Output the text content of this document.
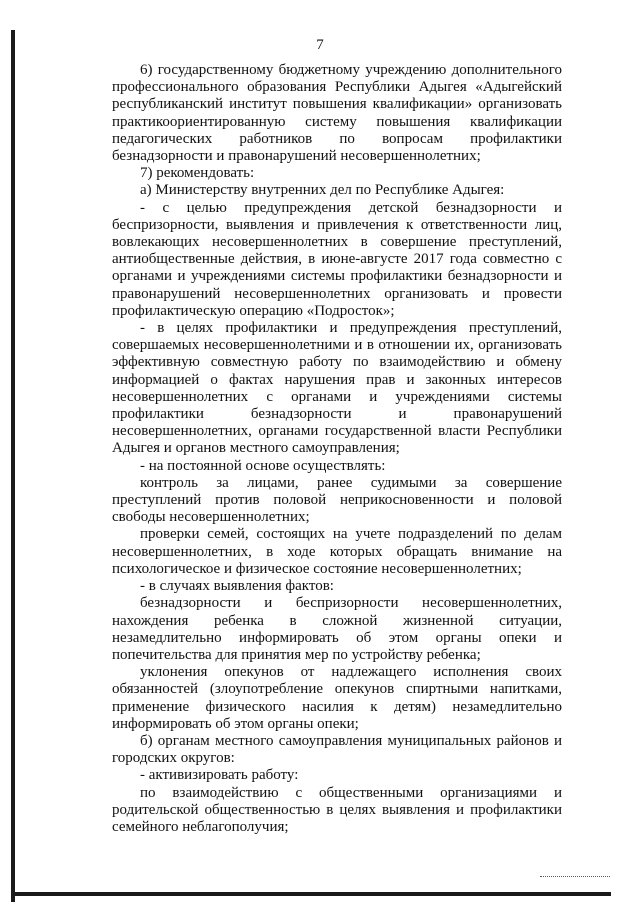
7

6) государственному бюджетному учреждению дополнительного профессионального образования Республики Адыгея «Адыгейский республиканский институт повышения квалификации» организовать практикоориентированную систему повышения квалификации педагогических работников по вопросам профилактики безнадзорности и правонарушений несовершеннолетних;

7) рекомендовать:

а) Министерству внутренних дел по Республике Адыгея:

- с целью предупреждения детской безнадзорности и беспризорности, выявления и привлечения к ответственности лиц, вовлекающих несовершеннолетних в совершение преступлений, антиобщественные действия, в июне-августе 2017 года совместно с органами и учреждениями системы профилактики безнадзорности и правонарушений несовершеннолетних организовать и провести профилактическую операцию «Подросток»;

- в целях профилактики и предупреждения преступлений, совершаемых несовершеннолетними и в отношении их, организовать эффективную совместную работу по взаимодействию и обмену информацией о фактах нарушения прав и законных интересов несовершеннолетних с органами и учреждениями системы профилактики безнадзорности и правонарушений несовершеннолетних, органами государственной власти Республики Адыгея и органов местного самоуправления;

- на постоянной основе осуществлять:

контроль за лицами, ранее судимыми за совершение преступлений против половой неприкосновенности и половой свободы несовершеннолетних;

проверки семей, состоящих на учете подразделений по делам несовершеннолетних, в ходе которых обращать внимание на психологическое и физическое состояние несовершеннолетних;

- в случаях выявления фактов:

безнадзорности и беспризорности несовершеннолетних, нахождения ребенка в сложной жизненной ситуации, незамедлительно информировать об этом органы опеки и попечительства для принятия мер по устройству ребенка;

уклонения опекунов от надлежащего исполнения своих обязанностей (злоупотребление опекунов спиртными напитками, применение физического насилия к детям) незамедлительно информировать об этом органы опеки;

б) органам местного самоуправления муниципальных районов и городских округов:

- активизировать работу:

по взаимодействию с общественными организациями и родительской общественностью в целях выявления и профилактики семейного неблагополучия;
